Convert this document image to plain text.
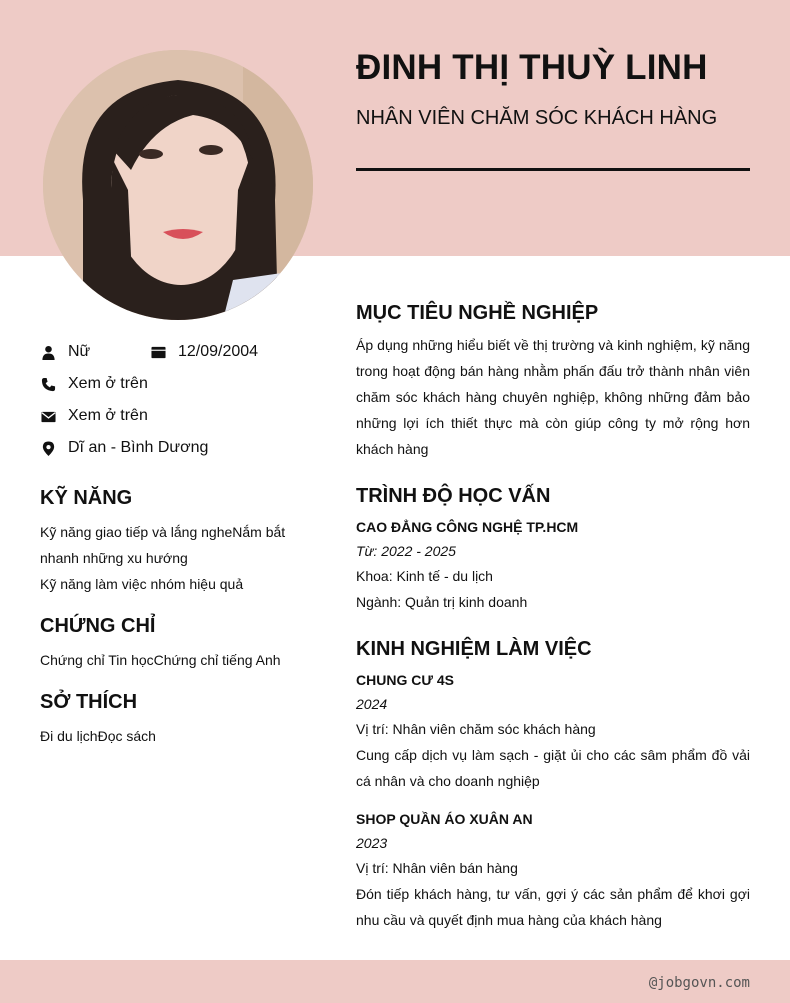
ĐINH THỊ THUỲ LINH
NHÂN VIÊN CHĂM SÓC KHÁCH HÀNG
Nữ	12/09/2004
Xem ở trên
Xem ở trên
Dĩ an - Bình Dương
KỸ NĂNG
Kỹ năng giao tiếp và lắng ngheNắm bắt
nhanh những xu hướng
Kỹ năng làm việc nhóm hiệu quả
CHỨNG CHỈ
Chứng chỉ Tin họcChứng chỉ tiếng Anh
SỞ THÍCH
Đi du lịchĐọc sách
MỤC TIÊU NGHỀ NGHIỆP
Áp dụng những hiểu biết về thị trường và kinh nghiệm, kỹ năng trong hoạt động bán hàng nhằm phấn đấu trở thành nhân viên chăm sóc khách hàng chuyên nghiệp, không những đảm bảo những lợi ích thiết thực mà còn giúp công ty mở rộng hơn khách hàng
TRÌNH ĐỘ HỌC VẤN
CAO ĐẲNG CÔNG NGHỆ TP.HCM
Từ: 2022 - 2025
Khoa: Kinh tế - du lịch
Ngành: Quản trị kinh doanh
KINH NGHIỆM LÀM VIỆC
CHUNG CƯ 4S
2024
Vị trí: Nhân viên chăm sóc khách hàng
Cung cấp dịch vụ làm sạch - giặt ủi cho các sâm phẩm đồ vải cá nhân và cho doanh nghiệp
SHOP QUẦN ÁO XUÂN AN
2023
Vị trí: Nhân viên bán hàng
Đón tiếp khách hàng, tư vấn, gợi ý các sản phẩm để khơi gợi nhu cầu và quyết định mua hàng của khách hàng
@jobgovn.com
